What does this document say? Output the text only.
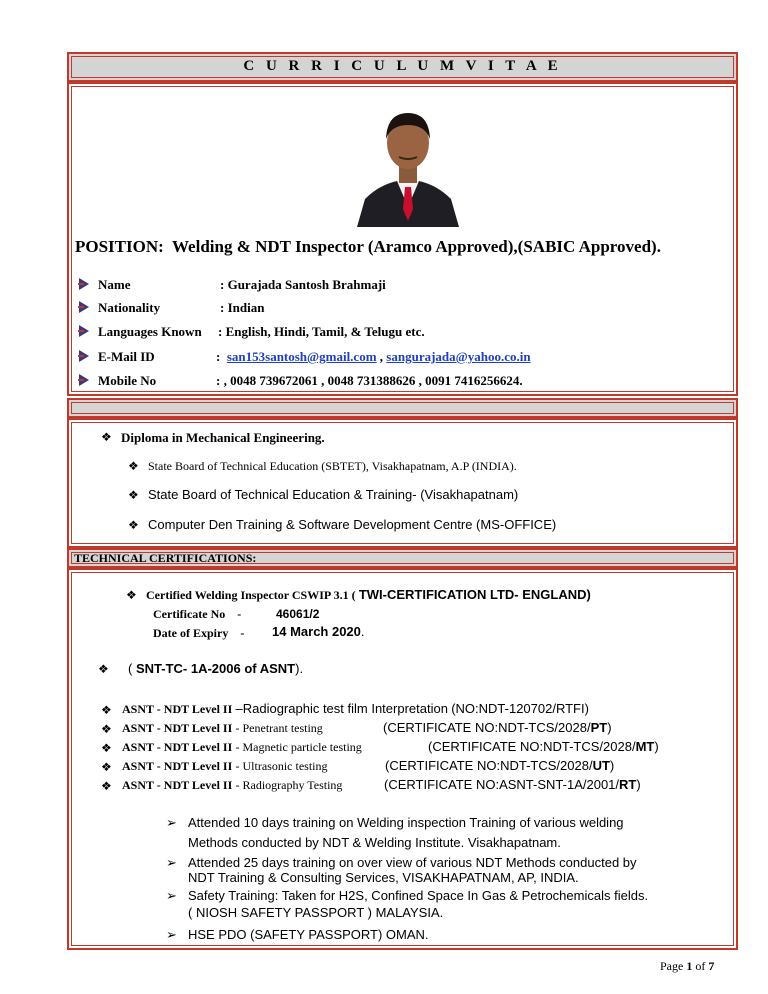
C U R R I C U L U M V I T A E
POSITION: Welding & NDT Inspector (Aramco Approved),(SABIC Approved).
Name	: Gurajada Santosh Brahmaji
Nationality	: Indian
Languages Known : English, Hindi, Tamil, & Telugu etc.
E-Mail ID	: san153santosh@gmail.com , sangurajada@yahoo.co.in
Mobile No	: , 0048 739672061 , 0048 731388626 , 0091 7416256624.
❖ Diploma in Mechanical Engineering.
❖ State Board of Technical Education (SBTET), Visakhapatnam, A.P (INDIA).
❖ State Board of Technical Education & Training- (Visakhapatnam)
❖ Computer Den Training & Software Development Centre (MS-OFFICE)
TECHNICAL CERTIFICATIONS:
❖ Certified Welding Inspector CSWIP 3.1 ( TWI-CERTIFICATION LTD- ENGLAND)
Certificate No    -	46061/2
Date of Expiry    - 14 March 2020.
❖ ( SNT-TC- 1A-2006 of ASNT).
❖ ASNT - NDT Level II –Radiographic test film Interpretation (NO:NDT-120702/RTFI)
❖ ASNT - NDT Level II - Penetrant testing	(CERTIFICATE NO:NDT-TCS/2028/PT)
❖ ASNT - NDT Level II - Magnetic particle testing	(CERTIFICATE NO:NDT-TCS/2028/MT)
❖ ASNT - NDT Level II - Ultrasonic testing	(CERTIFICATE NO:NDT-TCS/2028/UT)
❖ ASNT - NDT Level II - Radiography Testing	(CERTIFICATE NO:ASNT-SNT-1A/2001/RT)
➢ Attended 10 days training on Welding inspection Training of various welding
Methods conducted by NDT & Welding Institute. Visakhapatnam.
➢ Attended 25 days training on over view of various NDT Methods conducted by
NDT Training & Consulting Services, VISAKHAPATNAM, AP, INDIA.
➢ Safety Training: Taken for H2S, Confined Space In Gas & Petrochemicals fields.
( NIOSH SAFETY PASSPORT ) MALAYSIA.
➢ HSE PDO (SAFETY PASSPORT) OMAN.
Page 1 of 7
